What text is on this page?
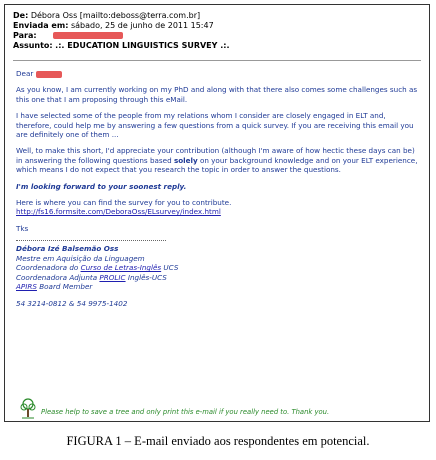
De: Débora Oss [mailto:deboss@terra.com.br]
Enviada em: sábado, 25 de junho de 2011 15:47
Para:
Assunto: .:. EDUCATION LINGUISTICS SURVEY .:.

Dear

As you know, I am currently working on my PhD and along with that there also comes some challenges such as this one that I am proposing through this eMail.

I have selected some of the people from my relations whom I consider are closely engaged in ELT and, therefore, could help me by answering a few questions from a quick survey. If you are receiving this email you are definitely one of them ...

Well, to make this short, I'd appreciate your contribution (although I'm aware of how hectic these days can be) in answering the following questions based solely on your background knowledge and on your ELT experience, which means I do not expect that you research the topic in order to answer the questions.

I'm looking forward to your soonest reply.

Here is where you can find the survey for you to contribute.
http://fs16.formsite.com/DeboraOss/ELsurvey/index.html

Tks

Débora Izé Balsemão Oss
Mestre em Aquisição da Linguagem
Coordenadora do Curso de Letras-Inglês UCS
Coordenadora Adjunta PROLIC Inglês-UCS
APIRS Board Member
54 3214-0812 & 54 9975-1402
Please help to save a tree and only print this e-mail if you really need to. Thank you.
FIGURA 1 – E-mail enviado aos respondentes em potencial.
